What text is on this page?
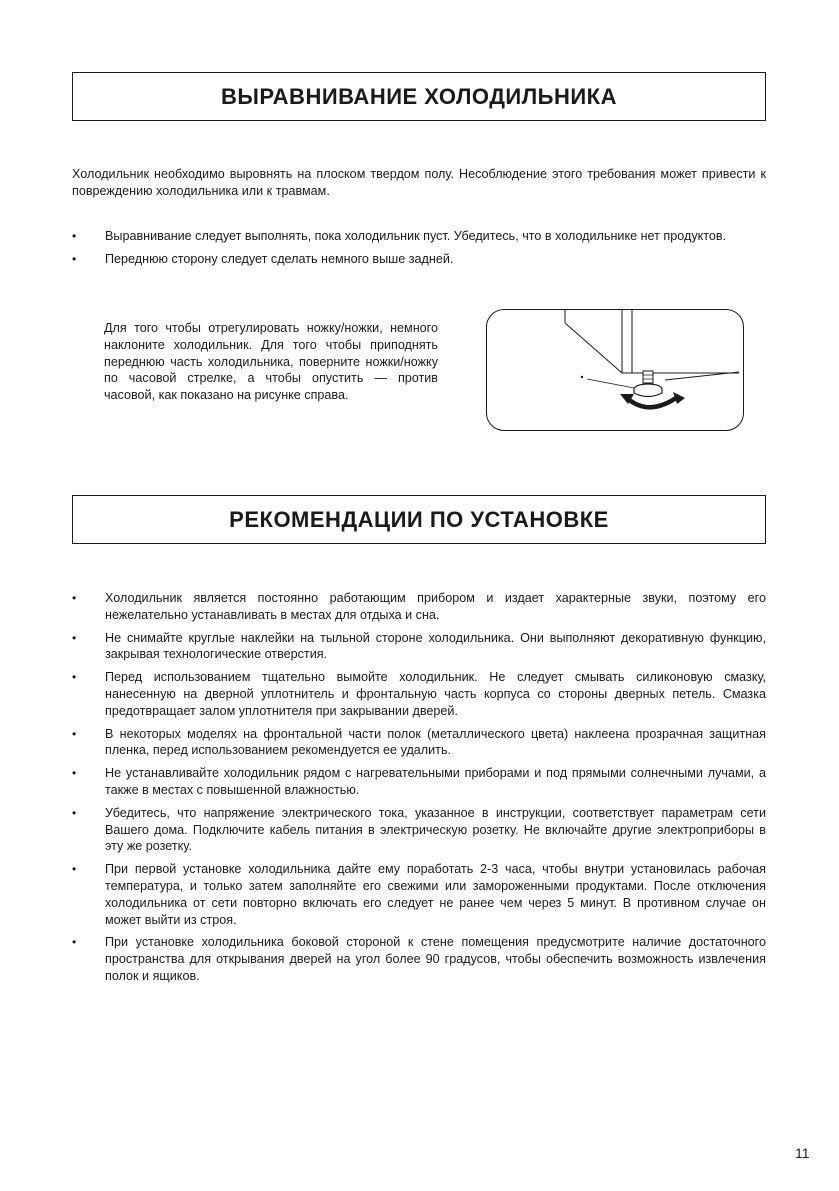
ВЫРАВНИВАНИЕ ХОЛОДИЛЬНИКА
Холодильник необходимо выровнять на плоском твердом полу. Несоблюдение этого требования может привести к повреждению холодильника или к травмам.
• Выравнивание следует выполнять, пока холодильник пуст. Убедитесь, что в холодильнике нет продуктов.
• Переднюю сторону следует сделать немного выше задней.
Для того чтобы отрегулировать ножку/ножки, немного наклоните холодильник. Для того чтобы приподнять переднюю часть холодильника, поверните ножки/ножку по часовой стрелке, а чтобы опустить — против часовой, как показано на рисунке справа.
РЕКОМЕНДАЦИИ ПО УСТАНОВКЕ
• Холодильник является постоянно работающим прибором и издает характерные звуки, поэтому его нежелательно устанавливать в местах для отдыха и сна.
• Не снимайте круглые наклейки на тыльной стороне холодильника. Они выполняют декоративную функцию, закрывая технологические отверстия.
• Перед использованием тщательно вымойте холодильник. Не следует смывать силиконовую смазку, нанесенную на дверной уплотнитель и фронтальную часть корпуса со стороны дверных петель. Смазка предотвращает залом уплотнителя при закрывании дверей.
• В некоторых моделях на фронтальной части полок (металлического цвета) наклеена прозрачная защитная пленка, перед использованием рекомендуется ее удалить.
• Не устанавливайте холодильник рядом с нагревательными приборами и под прямыми солнечными лучами, а также в местах с повышенной влажностью.
• Убедитесь, что напряжение электрического тока, указанное в инструкции, соответствует параметрам сети Вашего дома. Подключите кабель питания в электрическую розетку. Не включайте другие электроприборы в эту же розетку.
• При первой установке холодильника дайте ему поработать 2-3 часа, чтобы внутри установилась рабочая температура, и только затем заполняйте его свежими или замороженными продуктами. После отключения холодильника от сети повторно включать его следует не ранее чем через 5 минут. В противном случае он может выйти из строя.
• При установке холодильника боковой стороной к стене помещения предусмотрите наличие достаточного пространства для открывания дверей на угол более 90 градусов, чтобы обеспечить возможность извлечения полок и ящиков.
11
